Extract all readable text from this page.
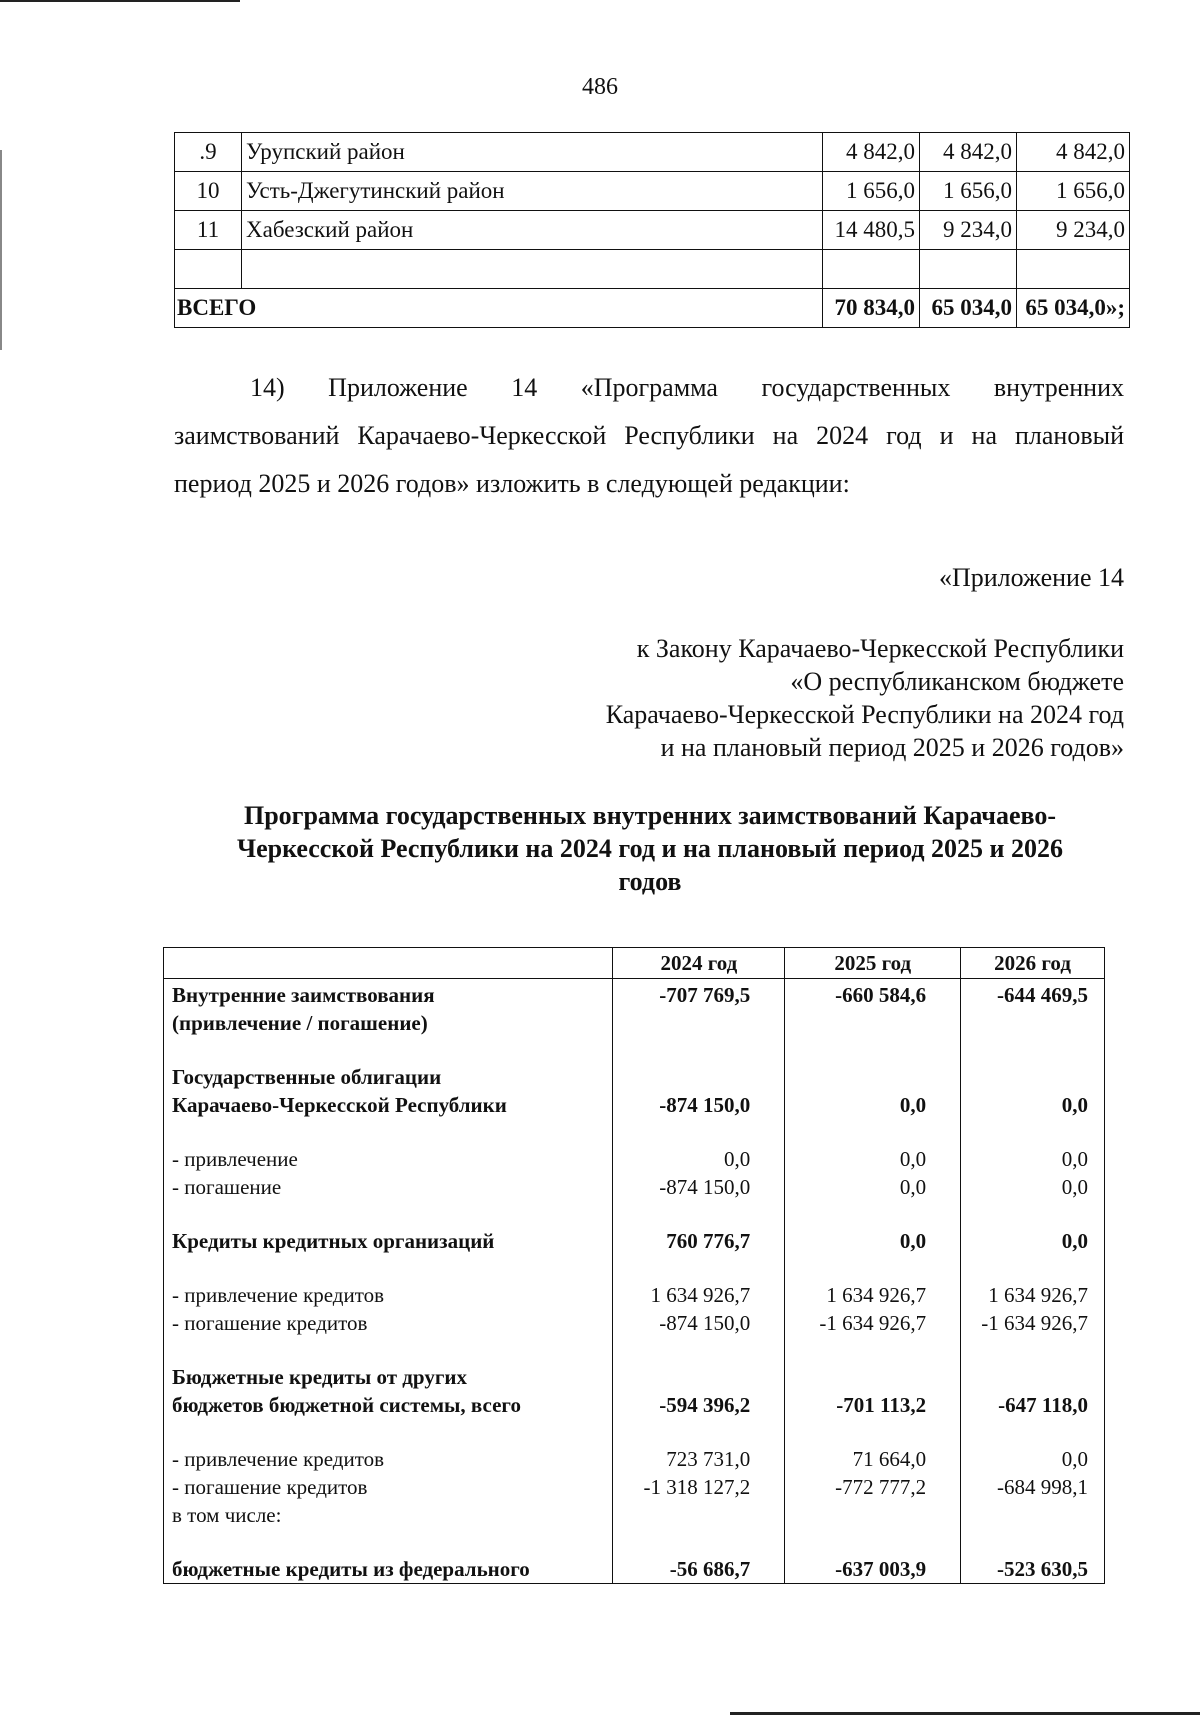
486
.9	Урупский район	4 842,0	4 842,0	4 842,0
10	Усть-Джегутинский район	1 656,0	1 656,0	1 656,0
11	Хабезский район	14 480,5	9 234,0	9 234,0

ВСЕГО		70 834,0	65 034,0	65 034,0»;
14) Приложение 14 «Программа государственных внутренних
заимствований Карачаево-Черкесской Республики на 2024 год и на плановый
период 2025 и 2026 годов» изложить в следующей редакции:
«Приложение 14
к Закону Карачаево-Черкесской Республики
«О республиканском бюджете
Карачаево-Черкесской Республики на 2024 год
и на плановый период 2025 и 2026 годов»
Программа государственных внутренних заимствований Карачаево-
Черкесской Республики на 2024 год и на плановый период 2025 и 2026
годов
	2024 год	2025 год	2026 год

Внутренние заимствования
(привлечение / погашение)	-707 769,5	-660 584,6	-644 469,5

Государственные облигации
Карачаево-Черкесской Республики	-874 150,0	0,0	0,0

- привлечение	0,0	0,0	0,0
- погашение	-874 150,0	0,0	0,0

Кредиты кредитных организаций	760 776,7	0,0	0,0

- привлечение кредитов	1 634 926,7	1 634 926,7	1 634 926,7
- погашение кредитов	-874 150,0	-1 634 926,7	-1 634 926,7

Бюджетные кредиты от других
бюджетов бюджетной системы, всего	-594 396,2	-701 113,2	-647 118,0

- привлечение кредитов	723 731,0	71 664,0	0,0
- погашение кредитов	-1 318 127,2	-772 777,2	-684 998,1
в том числе:			

бюджетные кредиты из федерального	-56 686,7	-637 003,9	-523 630,5
